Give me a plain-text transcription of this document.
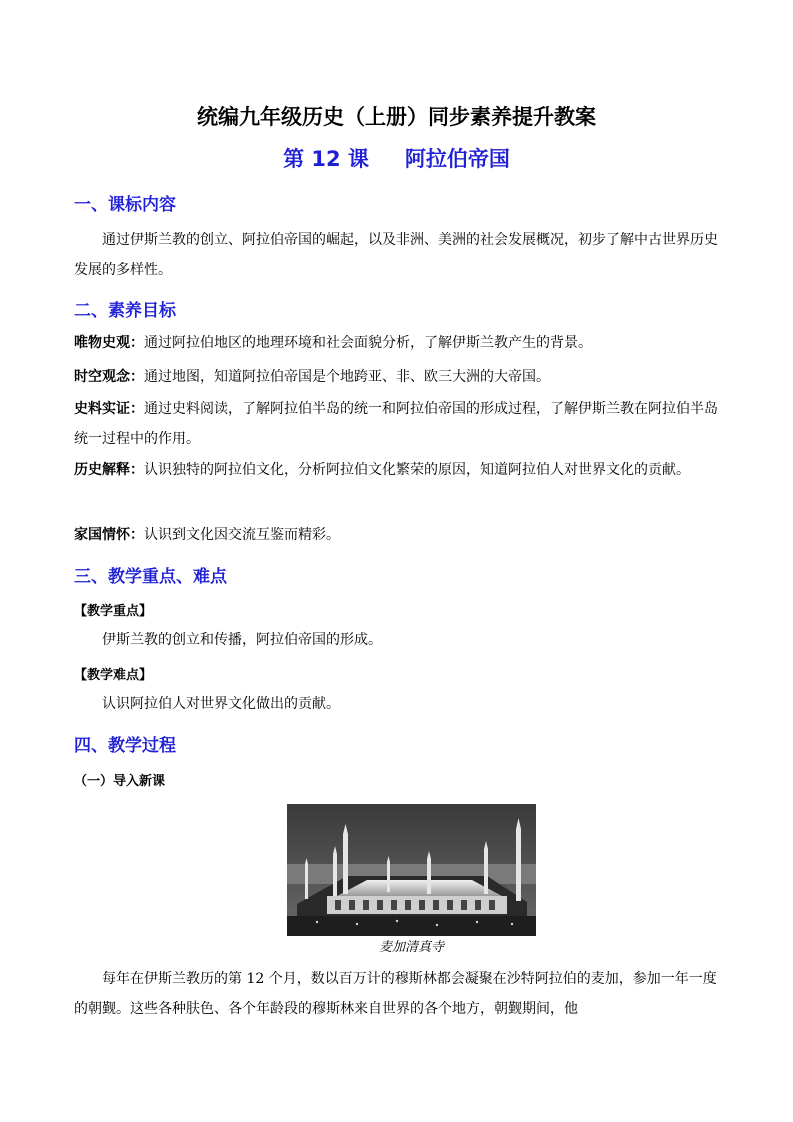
统编九年级历史（上册）同步素养提升教案
第 12 课 阿拉伯帝国
一、课标内容
通过伊斯兰教的创立、阿拉伯帝国的崛起，以及非洲、美洲的社会发展概况，初步了解中古世界历史发展的多样性。
二、素养目标
唯物史观：通过阿拉伯地区的地理环境和社会面貌分析，了解伊斯兰教产生的背景。
时空观念：通过地图，知道阿拉伯帝国是个地跨亚、非、欧三大洲的大帝国。
史料实证：通过史料阅读，了解阿拉伯半岛的统一和阿拉伯帝国的形成过程，了解伊斯兰教在阿拉伯半岛统一过程中的作用。
历史解释：认识独特的阿拉伯文化，分析阿拉伯文化繁荣的原因，知道阿拉伯人对世界文化的贡献。
家国情怀：认识到文化因交流互鉴而精彩。
三、教学重点、难点
【教学重点】
伊斯兰教的创立和传播，阿拉伯帝国的形成。
【教学难点】
认识阿拉伯人对世界文化做出的贡献。
四、教学过程
（一）导入新课
麦加清真寺
每年在伊斯兰教历的第 12 个月，数以百万计的穆斯林都会凝聚在沙特阿拉伯的麦加，参加一年一度的朝觐。这些各种肤色、各个年龄段的穆斯林来自世界的各个地方，朝觐期间，他
